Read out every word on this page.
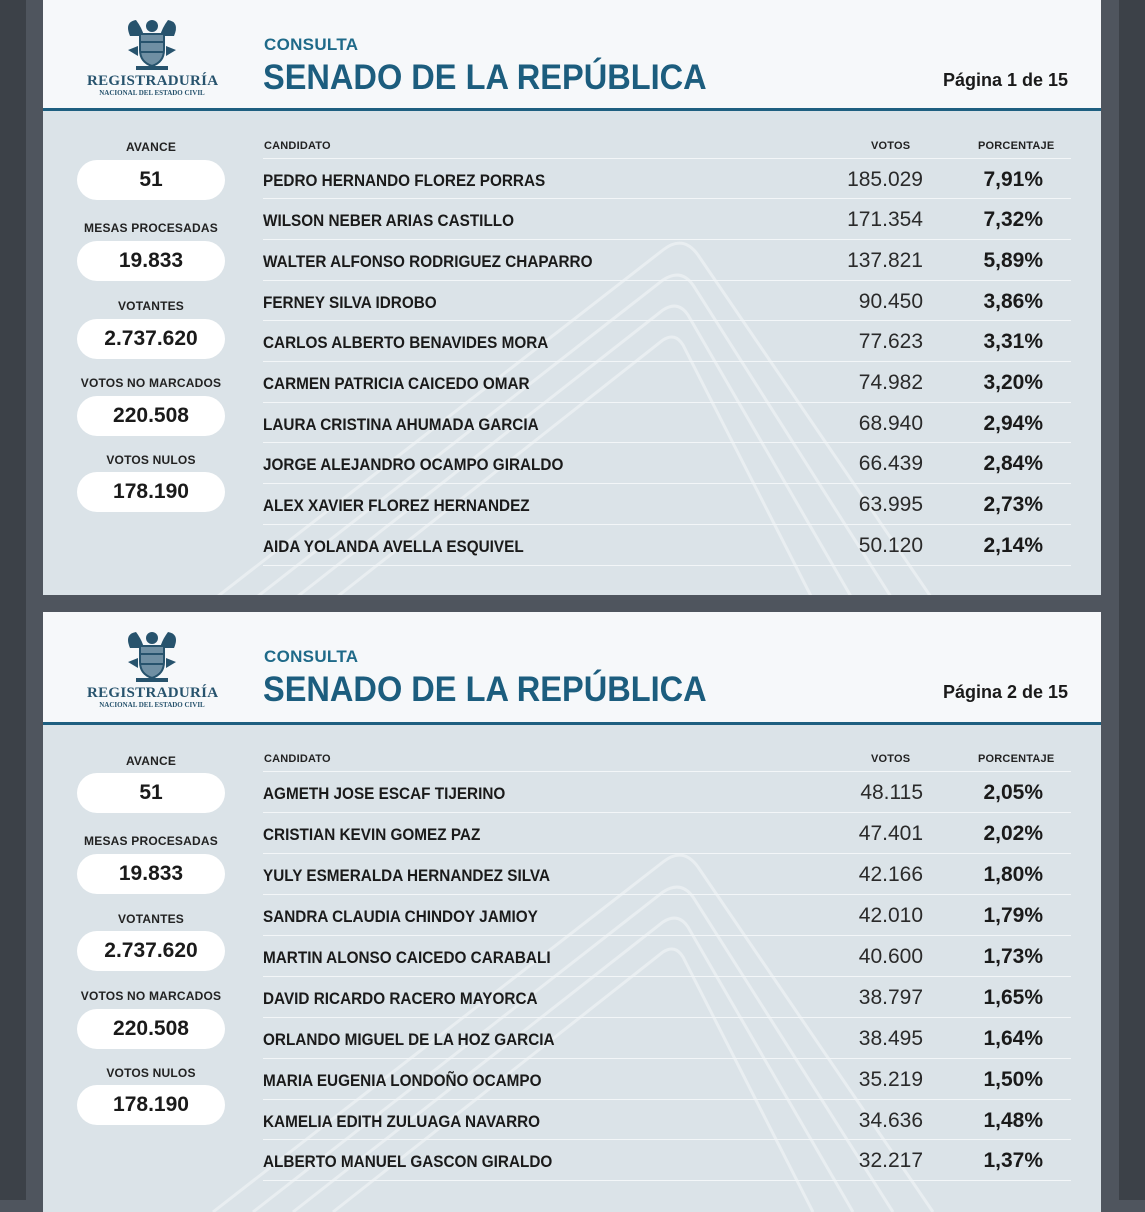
REGISTRADURÍA
NACIONAL DEL ESTADO CIVIL
CONSULTA
SENADO DE LA REPÚBLICA	Página 1 de 15
AVANCE
51
MESAS PROCESADAS
19.833
VOTANTES
2.737.620
VOTOS NO MARCADOS
220.508
VOTOS NULOS
178.190
CANDIDATO	VOTOS	PORCENTAJE
PEDRO HERNANDO FLOREZ PORRAS	185.029	7,91%
WILSON NEBER ARIAS CASTILLO	171.354	7,32%
WALTER ALFONSO RODRIGUEZ CHAPARRO	137.821	5,89%
FERNEY SILVA IDROBO	90.450	3,86%
CARLOS ALBERTO BENAVIDES MORA	77.623	3,31%
CARMEN PATRICIA CAICEDO OMAR	74.982	3,20%
LAURA CRISTINA AHUMADA GARCIA	68.940	2,94%
JORGE ALEJANDRO OCAMPO GIRALDO	66.439	2,84%
ALEX XAVIER FLOREZ HERNANDEZ	63.995	2,73%
AIDA YOLANDA AVELLA ESQUIVEL	50.120	2,14%
REGISTRADURÍA
NACIONAL DEL ESTADO CIVIL
CONSULTA
SENADO DE LA REPÚBLICA	Página 2 de 15
AVANCE
51
MESAS PROCESADAS
19.833
VOTANTES
2.737.620
VOTOS NO MARCADOS
220.508
VOTOS NULOS
178.190
CANDIDATO	VOTOS	PORCENTAJE
AGMETH JOSE ESCAF TIJERINO	48.115	2,05%
CRISTIAN KEVIN GOMEZ PAZ	47.401	2,02%
YULY ESMERALDA HERNANDEZ SILVA	42.166	1,80%
SANDRA CLAUDIA CHINDOY JAMIOY	42.010	1,79%
MARTIN ALONSO CAICEDO CARABALI	40.600	1,73%
DAVID RICARDO RACERO MAYORCA	38.797	1,65%
ORLANDO MIGUEL DE LA HOZ GARCIA	38.495	1,64%
MARIA EUGENIA LONDOÑO OCAMPO	35.219	1,50%
KAMELIA EDITH ZULUAGA NAVARRO	34.636	1,48%
ALBERTO MANUEL GASCON GIRALDO	32.217	1,37%
